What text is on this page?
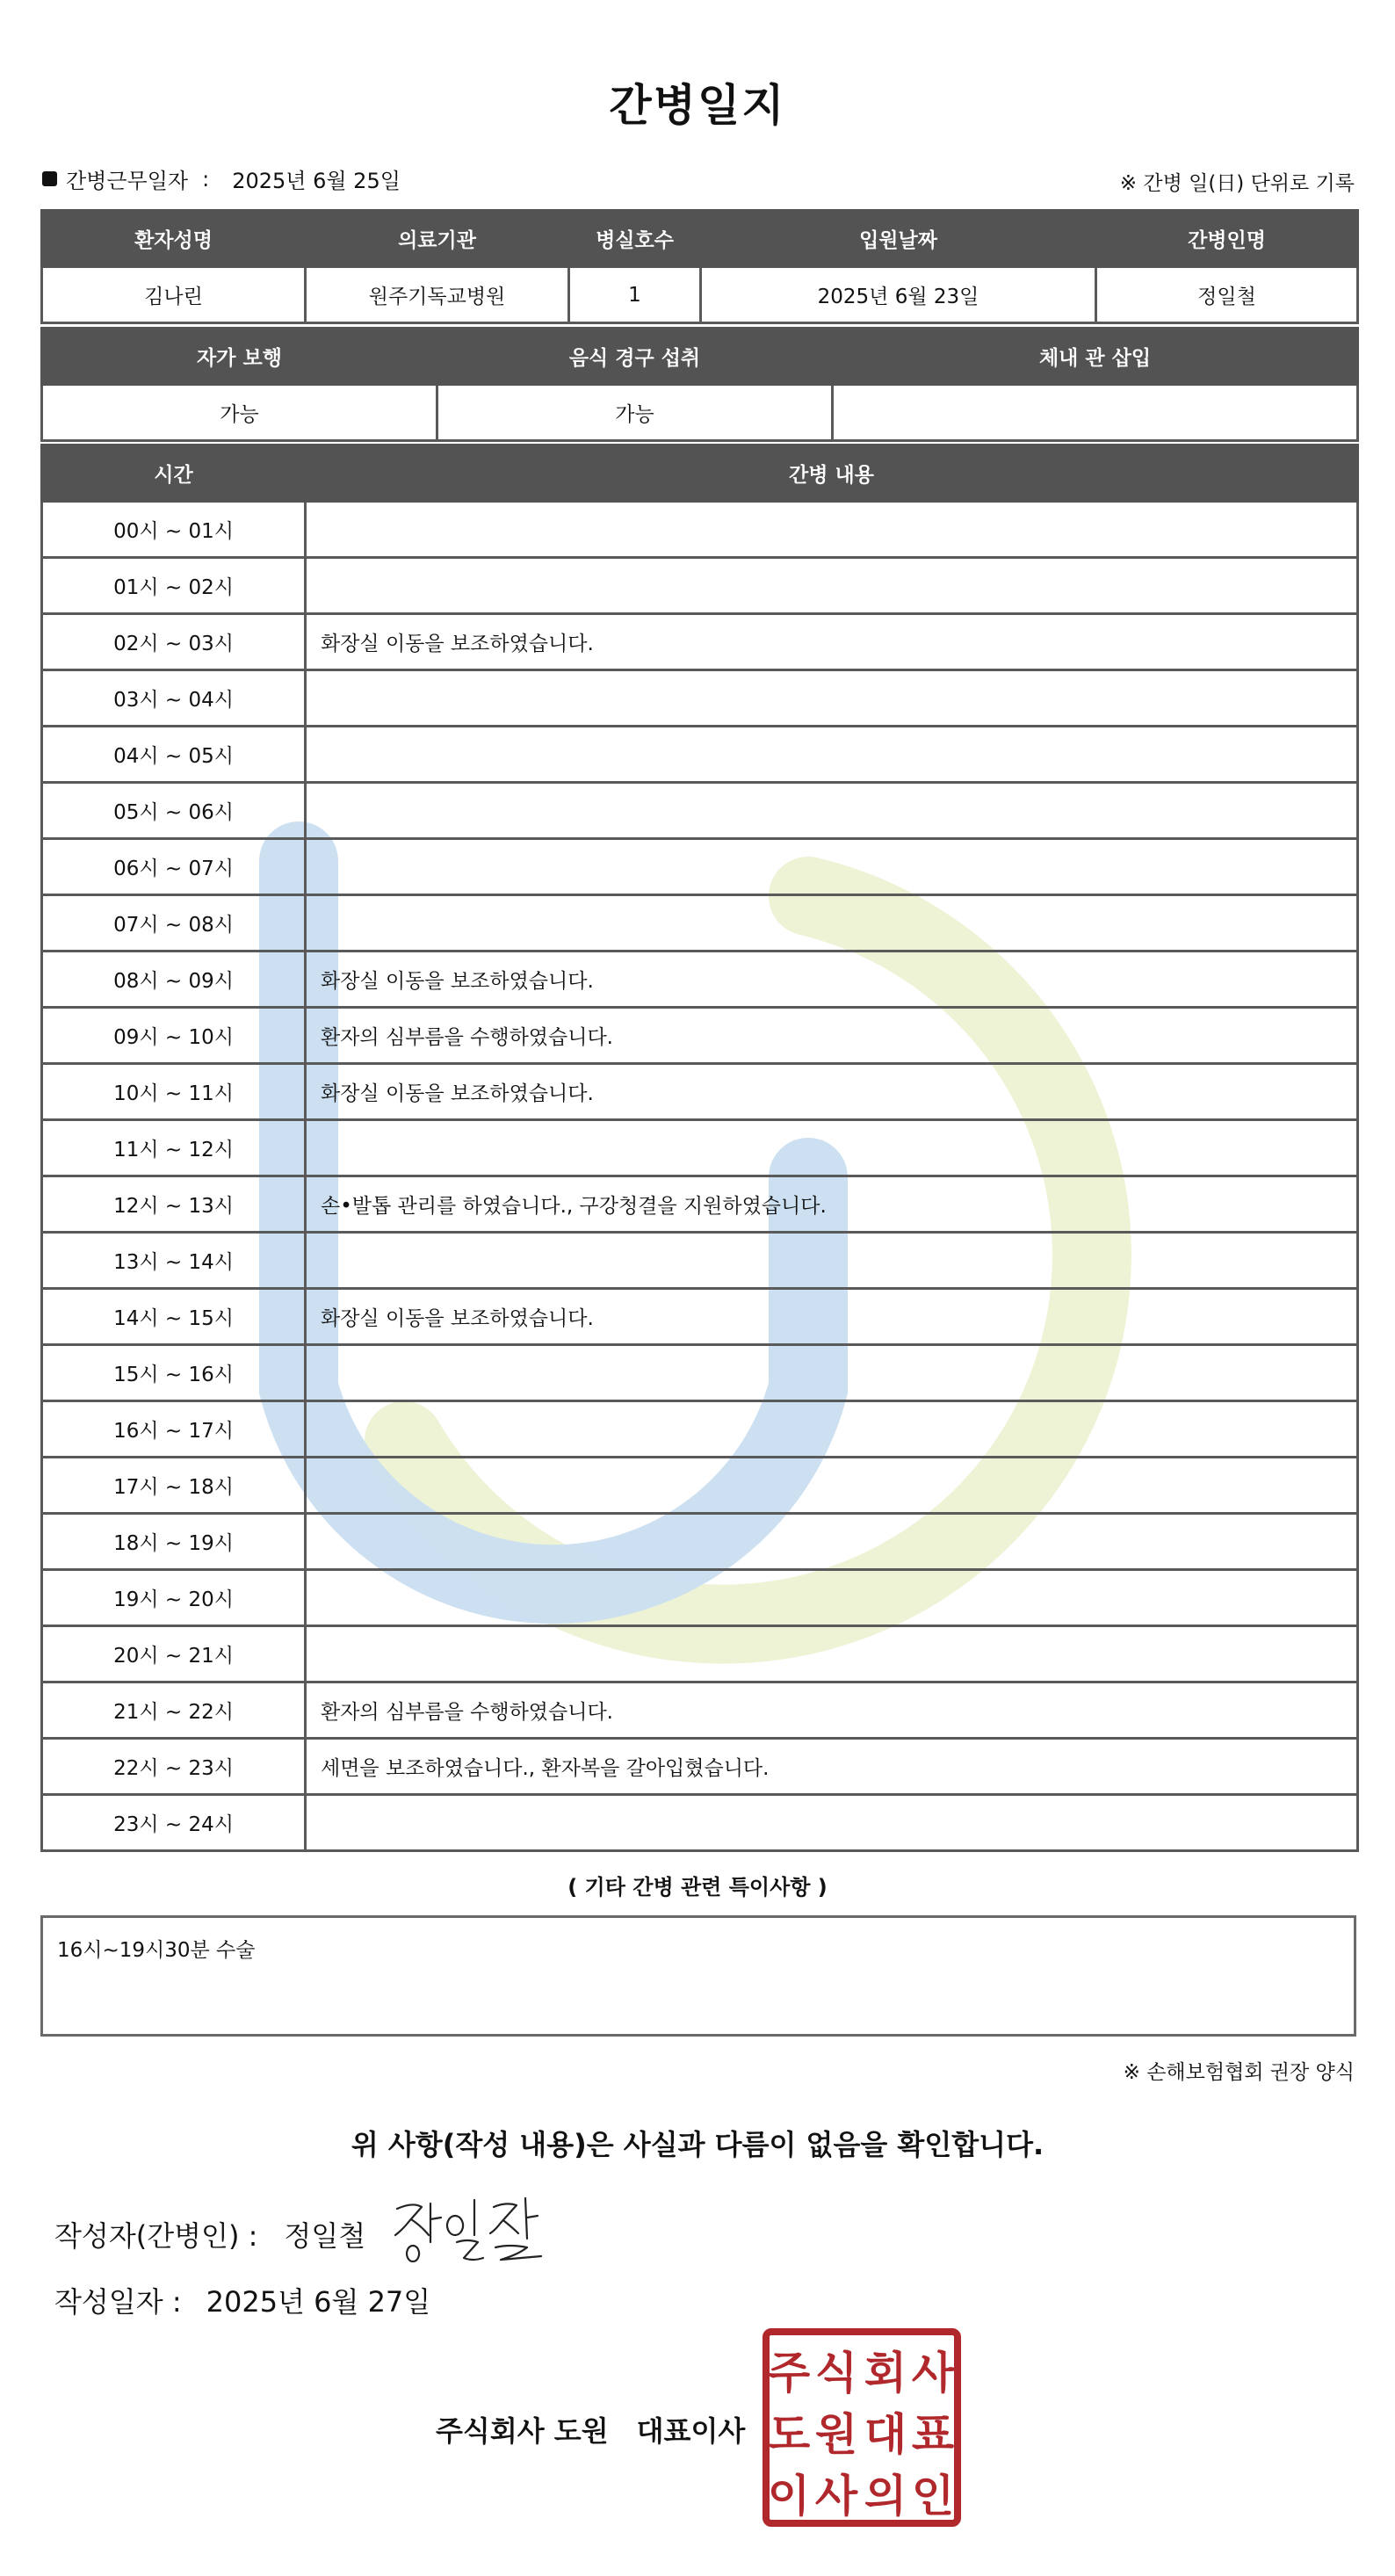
간병일지
간병근무일자 : 2025년 6월 25일	※ 간병 일(日) 단위로 기록
환자성명	의료기관	병실호수	입원날짜	간병인명
김나린	원주기독교병원	1	2025년 6월 23일	정일철
자가 보행	음식 경구 섭취	체내 관 삽입
가능	가능	
시간	간병 내용
00시 ~ 01시	
01시 ~ 02시	
02시 ~ 03시	화장실 이동을 보조하였습니다.
03시 ~ 04시	
04시 ~ 05시	
05시 ~ 06시	
06시 ~ 07시	
07시 ~ 08시	
08시 ~ 09시	화장실 이동을 보조하였습니다.
09시 ~ 10시	환자의 심부름을 수행하였습니다.
10시 ~ 11시	화장실 이동을 보조하였습니다.
11시 ~ 12시	
12시 ~ 13시	손•발톱 관리를 하였습니다., 구강청결을 지원하였습니다.
13시 ~ 14시	
14시 ~ 15시	화장실 이동을 보조하였습니다.
15시 ~ 16시	
16시 ~ 17시	
17시 ~ 18시	
18시 ~ 19시	
19시 ~ 20시	
20시 ~ 21시	
21시 ~ 22시	환자의 심부름을 수행하였습니다.
22시 ~ 23시	세면을 보조하였습니다., 환자복을 갈아입혔습니다.
23시 ~ 24시	
( 기타 간병 관련 특이사항 )
16시~19시30분 수술
※ 손해보험협회 권장 양식
위 사항(작성 내용)은 사실과 다름이 없음을 확인합니다.
작성자(간병인) : 정일철
작성일자 : 2025년 6월 27일
주식회사 도원 대표이사
주 식 회 사
도 원 대 표
이 사 의 인
